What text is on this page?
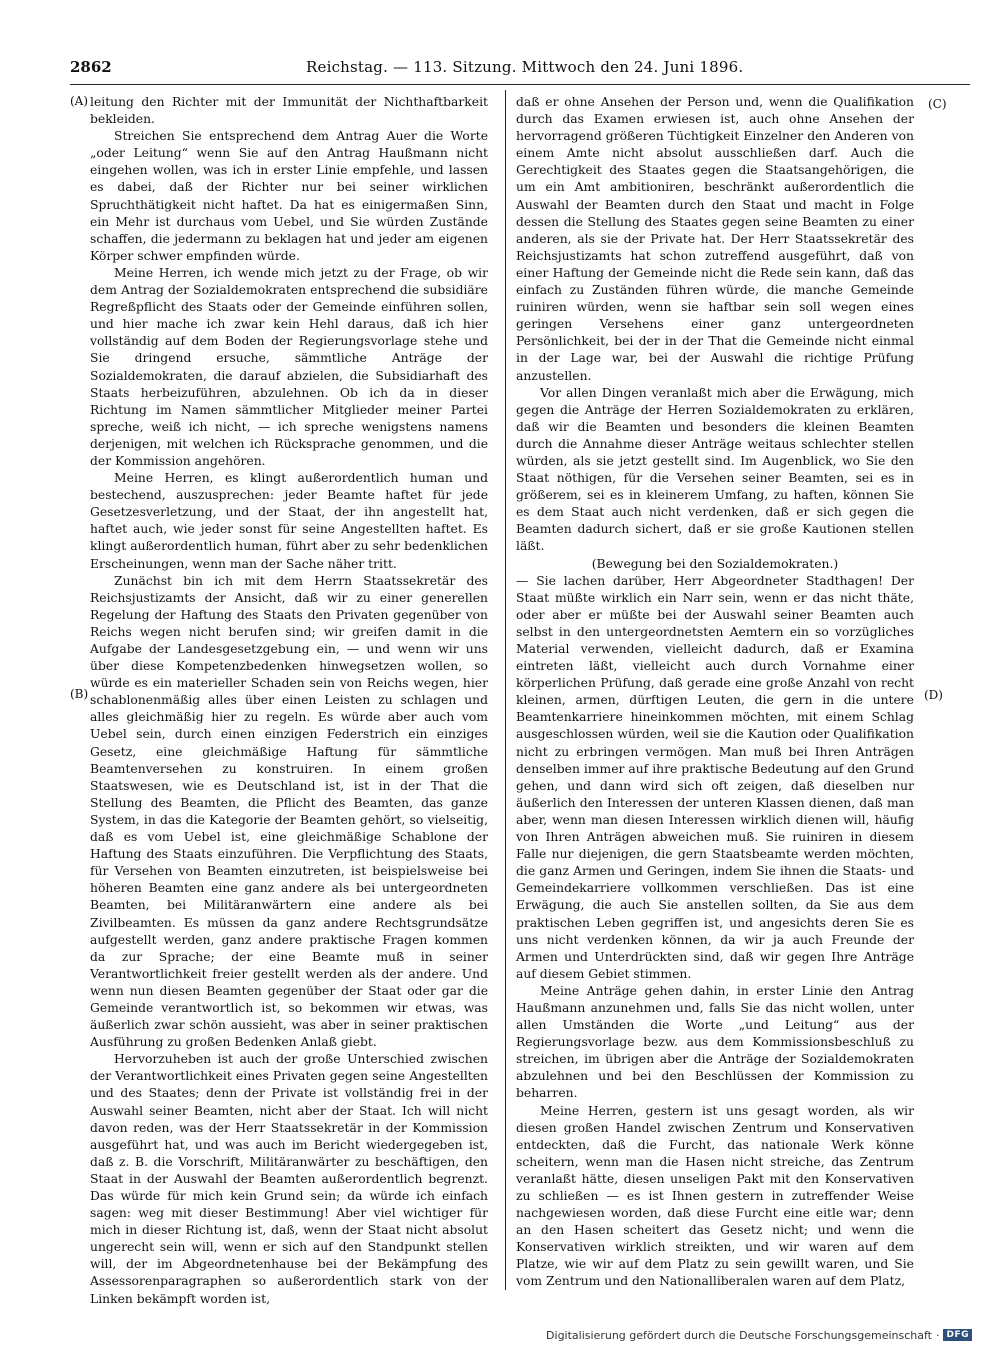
2862	Reichstag. — 113. Sitzung. Mittwoch den 24. Juni 1896.
(A)
(B)
(C)
(D)

leitung den Richter mit der Immunität der Nichthaftbarkeit bekleiden.

Streichen Sie entsprechend dem Antrag Auer die Worte „oder Leitung“ wenn Sie auf den Antrag Haußmann nicht eingehen wollen, was ich in erster Linie empfehle, und lassen es dabei, daß der Richter nur bei seiner wirklichen Spruchthätigkeit nicht haftet. Da hat es einigermaßen Sinn, ein Mehr ist durchaus vom Uebel, und Sie würden Zustände schaffen, die jedermann zu beklagen hat und jeder am eigenen Körper schwer empfinden würde.

Meine Herren, ich wende mich jetzt zu der Frage, ob wir dem Antrag der Sozialdemokraten entsprechend die subsidiäre Regreßpflicht des Staats oder der Gemeinde einführen sollen, und hier mache ich zwar kein Hehl daraus, daß ich hier vollständig auf dem Boden der Regierungsvorlage stehe und Sie dringend ersuche, sämmtliche Anträge der Sozialdemokraten, die darauf abzielen, die Subsidiarhaft des Staats herbeizuführen, abzulehnen. Ob ich da in dieser Richtung im Namen sämmtlicher Mitglieder meiner Partei spreche, weiß ich nicht, — ich spreche wenigstens namens derjenigen, mit welchen ich Rücksprache genommen, und die der Kommission angehören.

Meine Herren, es klingt außerordentlich human und bestechend, auszusprechen: jeder Beamte haftet für jede Gesetzesverletzung, und der Staat, der ihn angestellt hat, haftet auch, wie jeder sonst für seine Angestellten haftet. Es klingt außerordentlich human, führt aber zu sehr bedenklichen Erscheinungen, wenn man der Sache näher tritt.

Zunächst bin ich mit dem Herrn Staatssekretär des Reichsjustizamts der Ansicht, daß wir zu einer generellen Regelung der Haftung des Staats den Privaten gegenüber von Reichs wegen nicht berufen sind; wir greifen damit in die Aufgabe der Landesgesetzgebung ein, — und wenn wir uns über diese Kompetenzbedenken hinwegsetzen wollen, so würde es ein materieller Schaden sein von Reichs wegen, hier schablonenmäßig alles über einen Leisten zu schlagen und alles gleichmäßig hier zu regeln. Es würde aber auch vom Uebel sein, durch einen einzigen Federstrich ein einziges Gesetz, eine gleichmäßige Haftung für sämmtliche Beamtenversehen zu konstruiren. In einem großen Staatswesen, wie es Deutschland ist, ist in der That die Stellung des Beamten, die Pflicht des Beamten, das ganze System, in das die Kategorie der Beamten gehört, so vielseitig, daß es vom Uebel ist, eine gleichmäßige Schablone der Haftung des Staats einzuführen. Die Verpflichtung des Staats, für Versehen von Beamten einzutreten, ist beispielsweise bei höheren Beamten eine ganz andere als bei untergeordneten Beamten, bei Militäranwärtern eine andere als bei Zivilbeamten. Es müssen da ganz andere Rechtsgrundsätze aufgestellt werden, ganz andere praktische Fragen kommen da zur Sprache; der eine Beamte muß in seiner Verantwortlichkeit freier gestellt werden als der andere. Und wenn nun diesen Beamten gegenüber der Staat oder gar die Gemeinde verantwortlich ist, so bekommen wir etwas, was äußerlich zwar schön aussieht, was aber in seiner praktischen Ausführung zu großen Bedenken Anlaß giebt.

Hervorzuheben ist auch der große Unterschied zwischen der Verantwortlichkeit eines Privaten gegen seine Angestellten und des Staates; denn der Private ist vollständig frei in der Auswahl seiner Beamten, nicht aber der Staat. Ich will nicht davon reden, was der Herr Staatssekretär in der Kommission ausgeführt hat, und was auch im Bericht wiedergegeben ist, daß z. B. die Vorschrift, Militäranwärter zu beschäftigen, den Staat in der Auswahl der Beamten außerordentlich begrenzt. Das würde für mich kein Grund sein; da würde ich einfach sagen: weg mit dieser Bestimmung! Aber viel wichtiger für mich in dieser Richtung ist, daß, wenn der Staat nicht absolut ungerecht sein will, wenn er sich auf den Standpunkt stellen will, der im Abgeordnetenhause bei der Bekämpfung des Assessorenparagraphen so außerordentlich stark von der Linken bekämpft worden ist,

daß er ohne Ansehen der Person und, wenn die Qualifikation durch das Examen erwiesen ist, auch ohne Ansehen der hervorragend größeren Tüchtigkeit Einzelner den Anderen von einem Amte nicht absolut ausschließen darf. Auch die Gerechtigkeit des Staates gegen die Staatsangehörigen, die um ein Amt ambitioniren, beschränkt außerordentlich die Auswahl der Beamten durch den Staat und macht in Folge dessen die Stellung des Staates gegen seine Beamten zu einer anderen, als sie der Private hat. Der Herr Staatssekretär des Reichsjustizamts hat schon zutreffend ausgeführt, daß von einer Haftung der Gemeinde nicht die Rede sein kann, daß das einfach zu Zuständen führen würde, die manche Gemeinde ruiniren würden, wenn sie haftbar sein soll wegen eines geringen Versehens einer ganz untergeordneten Persönlichkeit, bei der in der That die Gemeinde nicht einmal in der Lage war, bei der Auswahl die richtige Prüfung anzustellen.

Vor allen Dingen veranlaßt mich aber die Erwägung, mich gegen die Anträge der Herren Sozialdemokraten zu erklären, daß wir die Beamten und besonders die kleinen Beamten durch die Annahme dieser Anträge weitaus schlechter stellen würden, als sie jetzt gestellt sind. Im Augenblick, wo Sie den Staat nöthigen, für die Versehen seiner Beamten, sei es in größerem, sei es in kleinerem Umfang, zu haften, können Sie es dem Staat auch nicht verdenken, daß er sich gegen die Beamten dadurch sichert, daß er sie große Kautionen stellen läßt.

(Bewegung bei den Sozialdemokraten.)

— Sie lachen darüber, Herr Abgeordneter Stadthagen! Der Staat müßte wirklich ein Narr sein, wenn er das nicht thäte, oder aber er müßte bei der Auswahl seiner Beamten auch selbst in den untergeordnetsten Aemtern ein so vorzügliches Material verwenden, vielleicht dadurch, daß er Examina eintreten läßt, vielleicht auch durch Vornahme einer körperlichen Prüfung, daß gerade eine große Anzahl von recht kleinen, armen, dürftigen Leuten, die gern in die untere Beamtenkarriere hineinkommen möchten, mit einem Schlag ausgeschlossen würden, weil sie die Kaution oder Qualifikation nicht zu erbringen vermögen. Man muß bei Ihren Anträgen denselben immer auf ihre praktische Bedeutung auf den Grund gehen, und dann wird sich oft zeigen, daß dieselben nur äußerlich den Interessen der unteren Klassen dienen, daß man aber, wenn man diesen Interessen wirklich dienen will, häufig von Ihren Anträgen abweichen muß. Sie ruiniren in diesem Falle nur diejenigen, die gern Staatsbeamte werden möchten, die ganz Armen und Geringen, indem Sie ihnen die Staats- und Gemeindekarriere vollkommen verschließen. Das ist eine Erwägung, die auch Sie anstellen sollten, da Sie aus dem praktischen Leben gegriffen ist, und angesichts deren Sie es uns nicht verdenken können, da wir ja auch Freunde der Armen und Unterdrückten sind, daß wir gegen Ihre Anträge auf diesem Gebiet stimmen.

Meine Anträge gehen dahin, in erster Linie den Antrag Haußmann anzunehmen und, falls Sie das nicht wollen, unter allen Umständen die Worte „und Leitung“ aus der Regierungsvorlage bezw. aus dem Kommissionsbeschluß zu streichen, im übrigen aber die Anträge der Sozialdemokraten abzulehnen und bei den Beschlüssen der Kommission zu beharren.

Meine Herren, gestern ist uns gesagt worden, als wir diesen großen Handel zwischen Zentrum und Konservativen entdeckten, daß die Furcht, das nationale Werk könne scheitern, wenn man die Hasen nicht streiche, das Zentrum veranlaßt hätte, diesen unseligen Pakt mit den Konservativen zu schließen — es ist Ihnen gestern in zutreffender Weise nachgewiesen worden, daß diese Furcht eine eitle war; denn an den Hasen scheitert das Gesetz nicht; und wenn die Konservativen wirklich streikten, und wir waren auf dem Platze, wie wir auf dem Platz zu sein gewillt waren, und Sie vom Zentrum und den Nationalliberalen waren auf dem Platz,

Digitalisierung gefördert durch die Deutsche Forschungsgemeinschaft · DFG
